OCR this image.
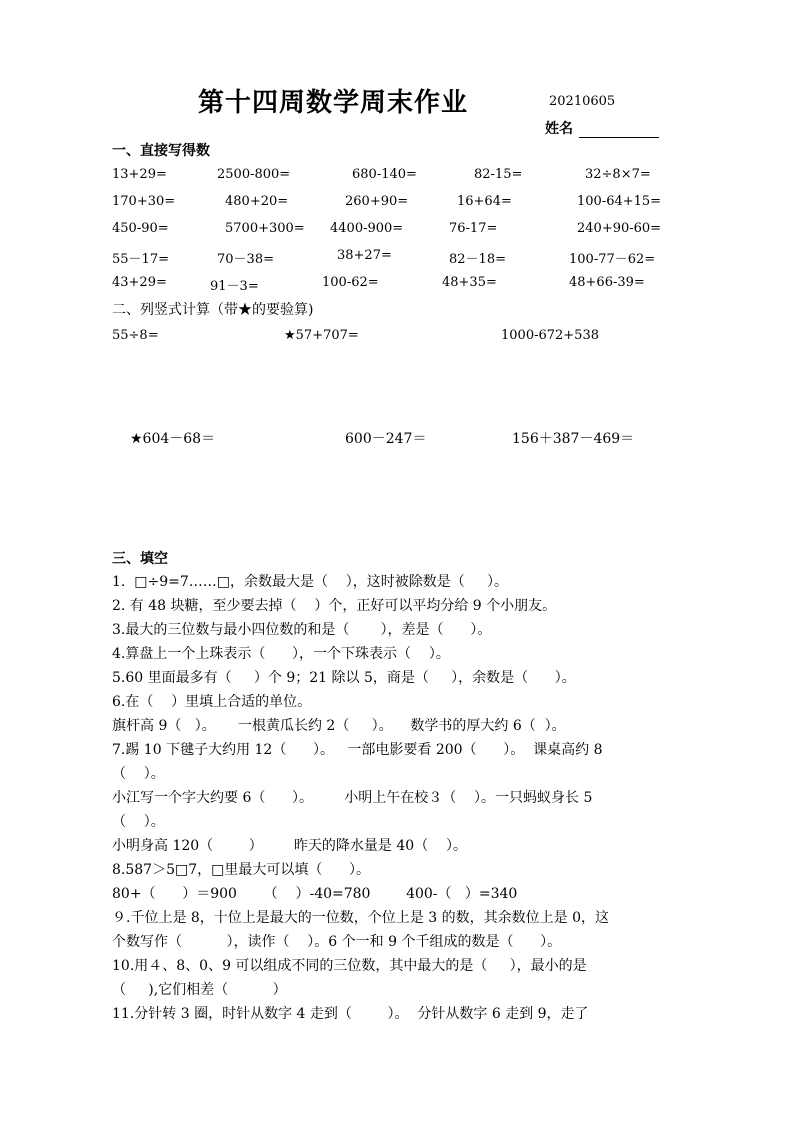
第十四周数学周末作业	20210605
姓名
一、直接写得数
13+29=	2500-800=	680-140=	82-15=	32÷8×7=
170+30=	480+20=	260+90=	16+64=	100-64+15=
450-90=	5700+300= 4400-900=	76-17=	240+90-60=
55－17=	70－38=	38+27=	82－18=	100-77－62=
43+29=	91－3=	100-62=	48+35=	48+66-39=
二、列竖式计算（带★的要验算)
55÷8=	★57+707=	1000-672+538
★604－68＝	600－247＝	156＋387－469＝
三、填空
1.  □÷9=7……□，余数最大是（    ），这时被除数是（     ）。
2. 有 48 块糖，至少要去掉（    ）个，正好可以平均分给 9 个小朋友。
3.最大的三位数与最小四位数的和是（       ），差是（      ）。
4.算盘上一个上珠表示（      ），一个下珠表示（    ）。
5.60 里面最多有（     ）个 9；21 除以 5，商是（     ），余数是（      ）。
6.在（    ）里填上合适的单位。
旗杆高 9（   ）。     一根黄瓜长约 2（     ）。    数学书的厚大约 6（  ）。
7.踢 10 下毽子大约用 12（      ）。   一部电影要看 200（      ）。  课桌高约 8
（    ）。
小江写一个字大约要 6（      ）。       小明上午在校３（    ）。一只蚂蚁身长 5
（    ）。
小明身高 120（        ）       昨天的降水量是 40（    ）。
8.587＞5□7，□里最大可以填（      ）。
80+（      ）＝900      （    ）-40=780        400-（   ）=340
９.千位上是 8，十位上是最大的一位数，个位上是 3 的数，其余数位上是 0，这
个数写作（          ），读作（    ）。6 个一和 9 个千组成的数是（      ）。
10.用４、8、0、9 可以组成不同的三位数，其中最大的是（     ），最小的是
（     ),它们相差（          ）
11.分针转 3 圈，时针从数字 4 走到（        ）。  分针从数字 6 走到 9，走了
